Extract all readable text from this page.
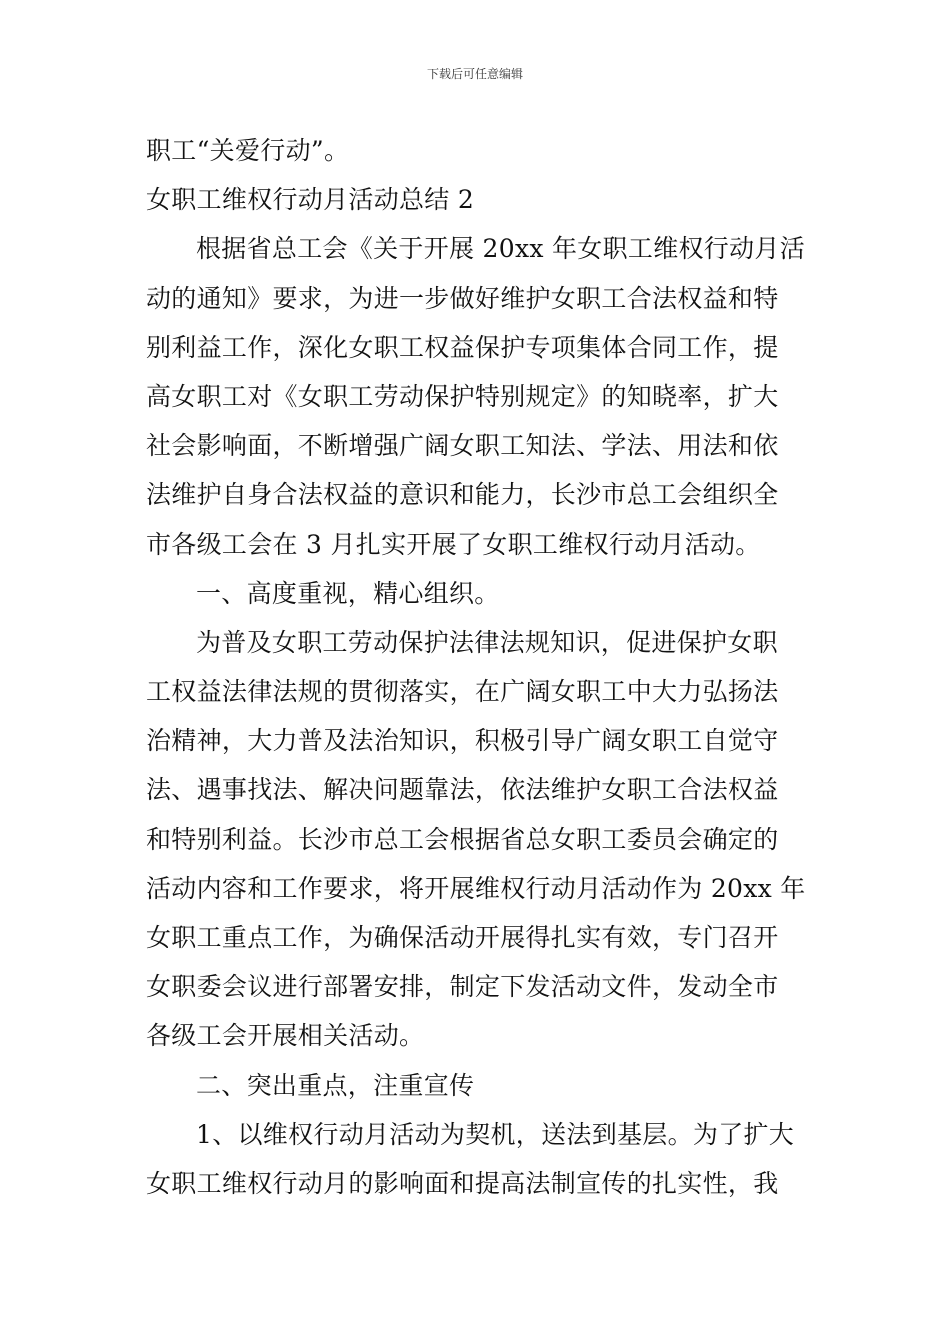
下载后可任意编辑
职工“关爱行动”。
女职工维权行动月活动总结 2
根据省总工会《关于开展 20xx 年女职工维权行动月活
动的通知》要求，为进一步做好维护女职工合法权益和特
别利益工作，深化女职工权益保护专项集体合同工作，提
高女职工对《女职工劳动保护特别规定》的知晓率，扩大
社会影响面，不断增强广阔女职工知法、学法、用法和依
法维护自身合法权益的意识和能力，长沙市总工会组织全
市各级工会在 3 月扎实开展了女职工维权行动月活动。
一、高度重视，精心组织。
为普及女职工劳动保护法律法规知识，促进保护女职
工权益法律法规的贯彻落实，在广阔女职工中大力弘扬法
治精神，大力普及法治知识，积极引导广阔女职工自觉守
法、遇事找法、解决问题靠法，依法维护女职工合法权益
和特别利益。长沙市总工会根据省总女职工委员会确定的
活动内容和工作要求，将开展维权行动月活动作为 20xx 年
女职工重点工作，为确保活动开展得扎实有效，专门召开
女职委会议进行部署安排，制定下发活动文件，发动全市
各级工会开展相关活动。
二、突出重点，注重宣传
1、以维权行动月活动为契机，送法到基层。为了扩大
女职工维权行动月的影响面和提高法制宣传的扎实性，我
